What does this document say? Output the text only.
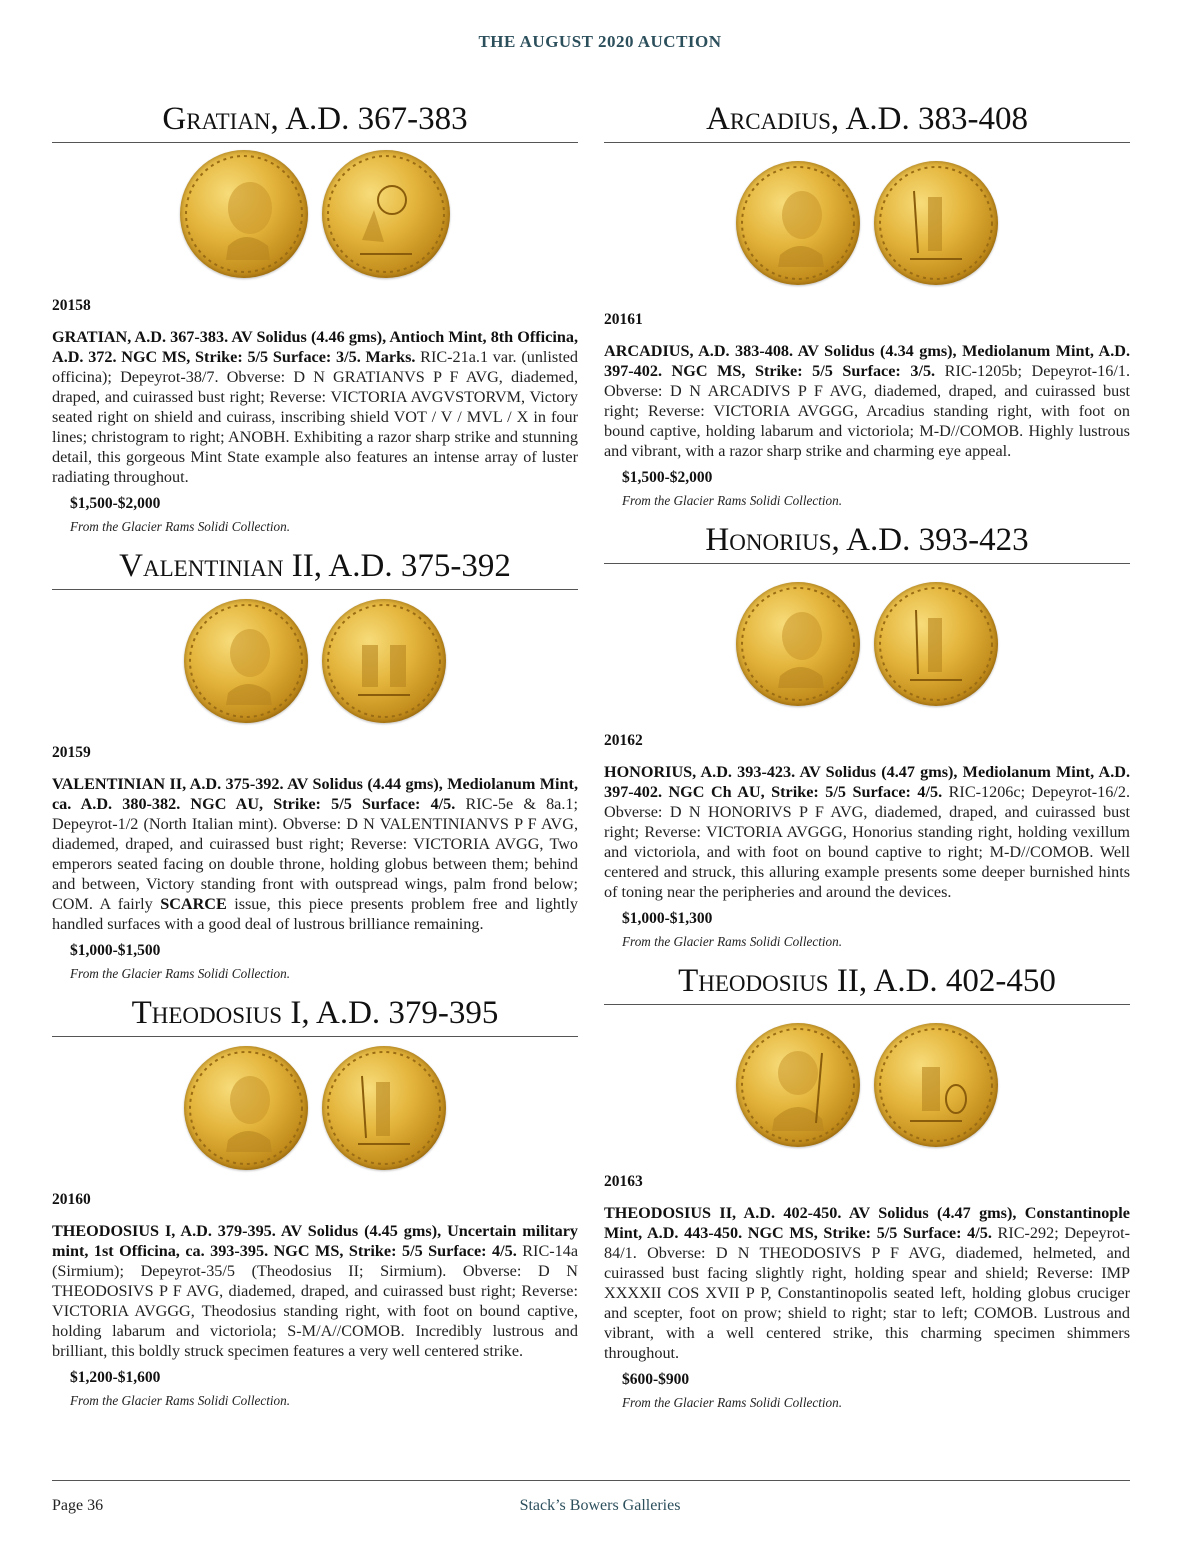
THE AUGUST 2020 AUCTION
Gratian, A.D. 367-383
20158
GRATIAN, A.D. 367-383. AV Solidus (4.46 gms), Antioch Mint, 8th Officina, A.D. 372. NGC MS, Strike: 5/5 Surface: 3/5. Marks. RIC-21a.1 var. (unlisted officina); Depeyrot-38/7. Obverse: D N GRATIANVS P F AVG, diademed, draped, and cuirassed bust right; Reverse: VICTORIA AVGVSTORVM, Victory seated right on shield and cuirass, inscribing shield VOT / V / MVL / X in four lines; christogram to right; ANOBH. Exhibiting a razor sharp strike and stunning detail, this gorgeous Mint State example also features an intense array of luster radiating throughout.
$1,500-$2,000
From the Glacier Rams Solidi Collection.
Valentinian II, A.D. 375-392
20159
VALENTINIAN II, A.D. 375-392. AV Solidus (4.44 gms), Mediolanum Mint, ca. A.D. 380-382. NGC AU, Strike: 5/5 Surface: 4/5. RIC-5e & 8a.1; Depeyrot-1/2 (North Italian mint). Obverse: D N VALENTINIANVS P F AVG, diademed, draped, and cuirassed bust right; Reverse: VICTORIA AVGG, Two emperors seated facing on double throne, holding globus between them; behind and between, Victory standing front with outspread wings, palm frond below; COM. A fairly SCARCE issue, this piece presents problem free and lightly handled surfaces with a good deal of lustrous brilliance remaining.
$1,000-$1,500
From the Glacier Rams Solidi Collection.
Theodosius I, A.D. 379-395
20160
THEODOSIUS I, A.D. 379-395. AV Solidus (4.45 gms), Uncertain military mint, 1st Officina, ca. 393-395. NGC MS, Strike: 5/5 Surface: 4/5. RIC-14a (Sirmium); Depeyrot-35/5 (Theodosius II; Sirmium). Obverse: D N THEODOSIVS P F AVG, diademed, draped, and cuirassed bust right; Reverse: VICTORIA AVGGG, Theodosius standing right, with foot on bound captive, holding labarum and victoriola; S-M/A//COMOB. Incredibly lustrous and brilliant, this boldly struck specimen features a very well centered strike.
$1,200-$1,600
From the Glacier Rams Solidi Collection.
Arcadius, A.D. 383-408
20161
ARCADIUS, A.D. 383-408. AV Solidus (4.34 gms), Mediolanum Mint, A.D. 397-402. NGC MS, Strike: 5/5 Surface: 3/5. RIC-1205b; Depeyrot-16/1. Obverse: D N ARCADIVS P F AVG, diademed, draped, and cuirassed bust right; Reverse: VICTORIA AVGGG, Arcadius standing right, with foot on bound captive, holding labarum and victoriola; M-D//COMOB. Highly lustrous and vibrant, with a razor sharp strike and charming eye appeal.
$1,500-$2,000
From the Glacier Rams Solidi Collection.
Honorius, A.D. 393-423
20162
HONORIUS, A.D. 393-423. AV Solidus (4.47 gms), Mediolanum Mint, A.D. 397-402. NGC Ch AU, Strike: 5/5 Surface: 4/5. RIC-1206c; Depeyrot-16/2. Obverse: D N HONORIVS P F AVG, diademed, draped, and cuirassed bust right; Reverse: VICTORIA AVGGG, Honorius standing right, holding vexillum and victoriola, and with foot on bound captive to right; M-D//COMOB. Well centered and struck, this alluring example presents some deeper burnished hints of toning near the peripheries and around the devices.
$1,000-$1,300
From the Glacier Rams Solidi Collection.
Theodosius II, A.D. 402-450
20163
THEODOSIUS II, A.D. 402-450. AV Solidus (4.47 gms), Constantinople Mint, A.D. 443-450. NGC MS, Strike: 5/5 Surface: 4/5. RIC-292; Depeyrot-84/1. Obverse: D N THEODOSIVS P F AVG, diademed, helmeted, and cuirassed bust facing slightly right, holding spear and shield; Reverse: IMP XXXXII COS XVII P P, Constantinopolis seated left, holding globus cruciger and scepter, foot on prow; shield to right; star to left; COMOB. Lustrous and vibrant, with a well centered strike, this charming specimen shimmers throughout.
$600-$900
From the Glacier Rams Solidi Collection.
Page 36	Stack’s Bowers Galleries
